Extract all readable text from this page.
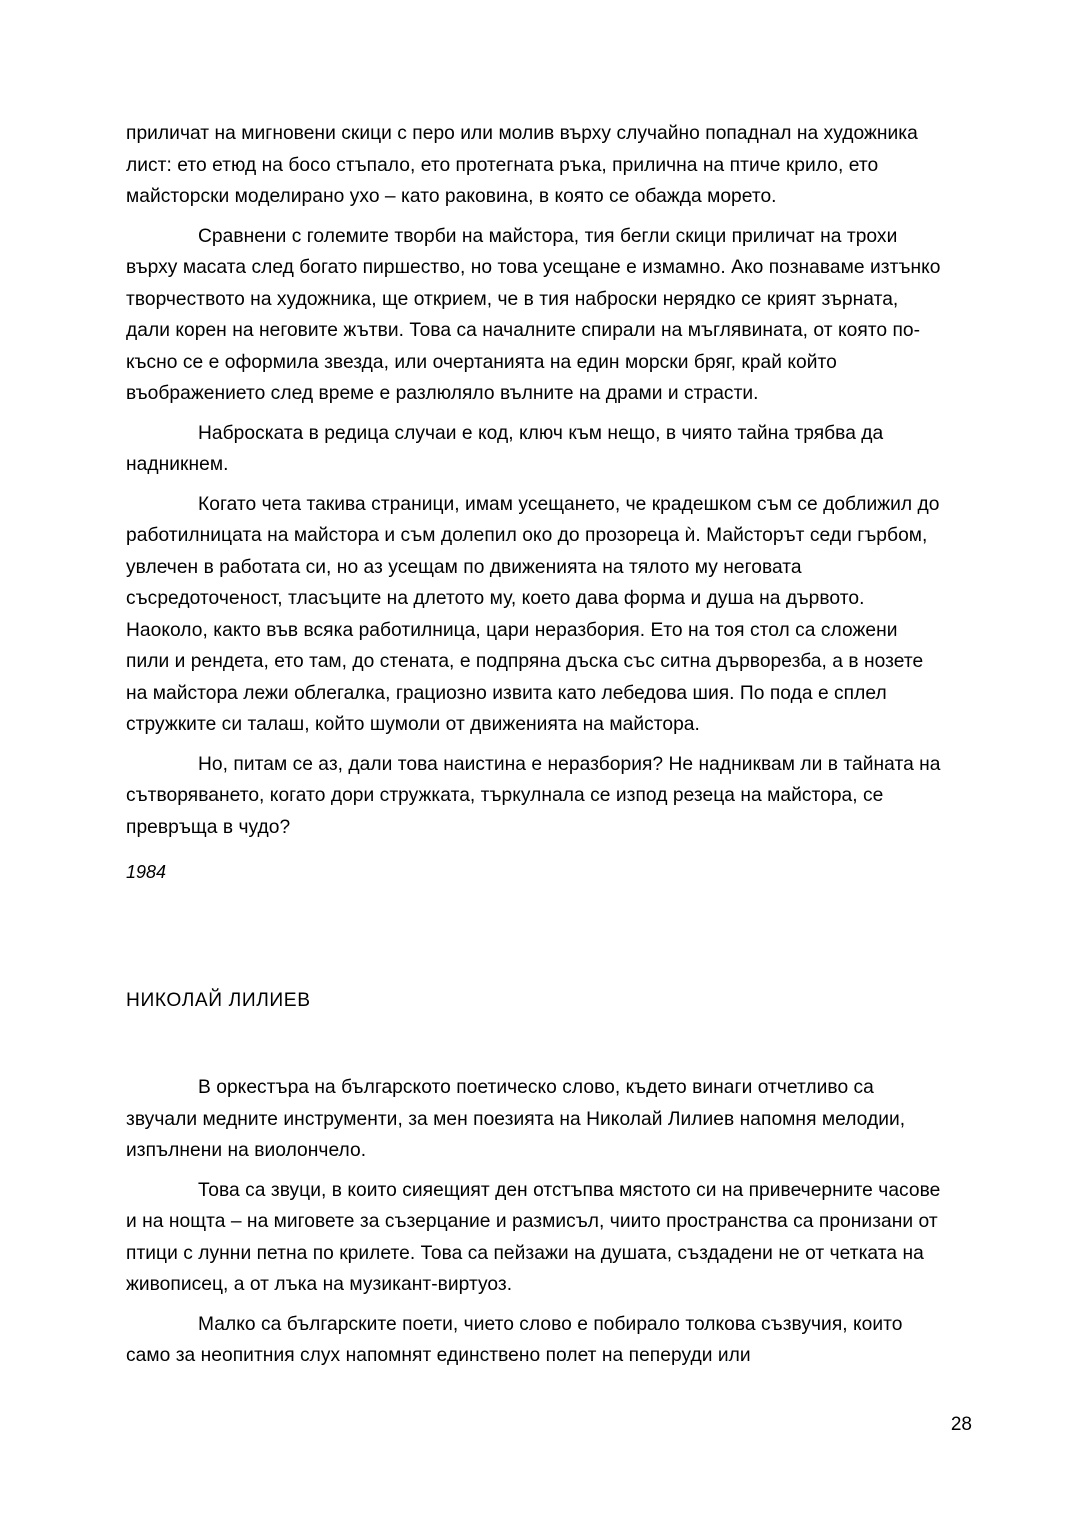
приличат на мигновени скици с перо или молив върху случайно попаднал на художника лист: ето етюд на босо стъпало, ето протегната ръка, прилична на птиче крило, ето майсторски моделирано ухо – като раковина, в която се обажда морето.

Сравнени с големите творби на майстора, тия бегли скици приличат на трохи върху масата след богато пиршество, но това усещане е измамно. Ако познаваме изтънко творчеството на художника, ще открием, че в тия наброски нерядко се крият зърната, дали корен на неговите жътви. Това са началните спирали на мъглявината, от която по-късно се е оформила звезда, или очертанията на един морски бряг, край който въображението след време е разлюляло вълните на драми и страсти.

Наброската в редица случаи е код, ключ към нещо, в чиято тайна трябва да надникнем.

Когато чета такива страници, имам усещането, че крадешком съм се доближил до работилницата на майстора и съм долепил око до прозореца ѝ. Майсторът седи гърбом, увлечен в работата си, но аз усещам по движенията на тялото му неговата съсредоточеност, тласъците на длетото му, което дава форма и душа на дървото. Наоколо, както във всяка работилница, цари неразбория. Ето на тоя стол са сложени пили и рендета, ето там, до стената, е подпряна дъска със ситна дърворезба, а в нозете на майстора лежи облегалка, грациозно извита като лебедова шия. По пода е сплел стружките си талаш, който шумоли от движенията на майстора.

Но, питам се аз, дали това наистина е неразбория? Не надниквам ли в тайната на сътворяването, когато дори стружката, търкулнала се изпод резеца на майстора, се превръща в чудо?

1984

НИКОЛАЙ ЛИЛИЕВ

В оркестъра на българското поетическо слово, където винаги отчетливо са звучали медните инструменти, за мен поезията на Николай Лилиев напомня мелодии, изпълнени на виолончело.

Това са звуци, в които сияещият ден отстъпва мястото си на привечерните часове и на нощта – на миговете за съзерцание и размисъл, чиито пространства са пронизани от птици с лунни петна по крилете. Това са пейзажи на душата, създадени не от четката на живописец, а от лъка на музикант-виртуоз.

Малко са българските поети, чието слово е побирало толкова съзвучия, които само за неопитния слух напомнят единствено полет на пеперуди или

28
